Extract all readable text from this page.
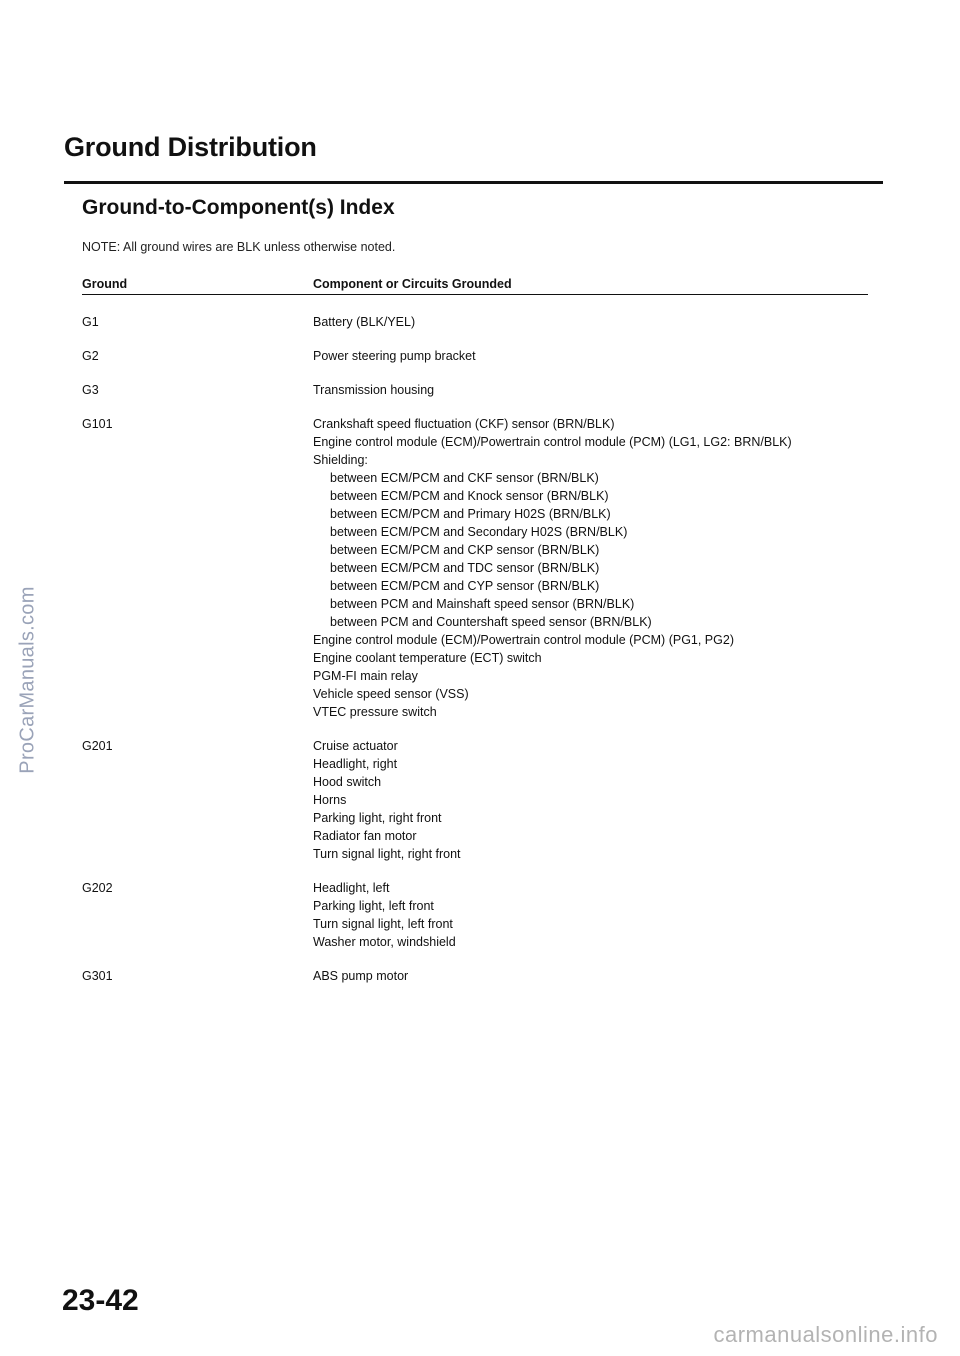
Ground Distribution
Ground-to-Component(s) Index
NOTE: All ground wires are BLK unless otherwise noted.
Ground	Component or Circuits Grounded
G1	Battery (BLK/YEL)
G2	Power steering pump bracket
G3	Transmission housing
G101	Crankshaft speed fluctuation (CKF) sensor (BRN/BLK)
Engine control module (ECM)/Powertrain control module (PCM) (LG1, LG2: BRN/BLK)
Shielding:
between ECM/PCM and CKF sensor (BRN/BLK)
between ECM/PCM and Knock sensor (BRN/BLK)
between ECM/PCM and Primary H02S (BRN/BLK)
between ECM/PCM and Secondary H02S (BRN/BLK)
between ECM/PCM and CKP sensor (BRN/BLK)
between ECM/PCM and TDC sensor (BRN/BLK)
between ECM/PCM and CYP sensor (BRN/BLK)
between PCM and Mainshaft speed sensor (BRN/BLK)
between PCM and Countershaft speed sensor (BRN/BLK)
Engine control module (ECM)/Powertrain control module (PCM) (PG1, PG2)
Engine coolant temperature (ECT) switch
PGM-FI main relay
Vehicle speed sensor (VSS)
VTEC pressure switch
G201	Cruise actuator
Headlight, right
Hood switch
Horns
Parking light, right front
Radiator fan motor
Turn signal light, right front
G202	Headlight, left
Parking light, left front
Turn signal light, left front
Washer motor, windshield
G301	ABS pump motor
ProCarManuals.com
23-42
carmanualsonline.info
